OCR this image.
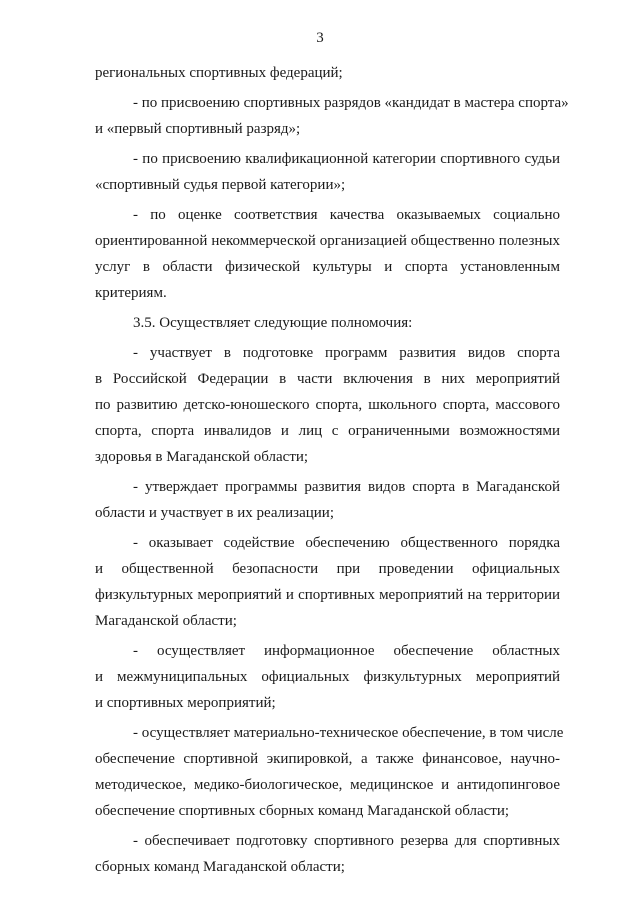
3
региональных спортивных федераций;
- по присвоению спортивных разрядов «кандидат в мастера спорта»
и «первый спортивный разряд»;
- по присвоению квалификационной категории спортивного судьи
«спортивный судья первой категории»;
- по оценке соответствия качества оказываемых социально
ориентированной некоммерческой организацией общественно полезных
услуг в области физической культуры и спорта установленным
критериям.
3.5. Осуществляет следующие полномочия:
- участвует в подготовке программ развития видов спорта
в Российской Федерации в части включения в них мероприятий
по развитию детско-юношеского спорта, школьного спорта, массового
спорта, спорта инвалидов и лиц с ограниченными возможностями
здоровья в Магаданской области;
- утверждает программы развития видов спорта в Магаданской
области и участвует в их реализации;
- оказывает содействие обеспечению общественного порядка
и общественной безопасности при проведении официальных
физкультурных мероприятий и спортивных мероприятий на территории
Магаданской области;
- осуществляет информационное обеспечение областных
и межмуниципальных официальных физкультурных мероприятий
и спортивных мероприятий;
- осуществляет материально-техническое обеспечение, в том числе
обеспечение спортивной экипировкой, а также финансовое, научно-
методическое, медико-биологическое, медицинское и антидопинговое
обеспечение спортивных сборных команд Магаданской области;
- обеспечивает подготовку спортивного резерва для спортивных
сборных команд Магаданской области;
